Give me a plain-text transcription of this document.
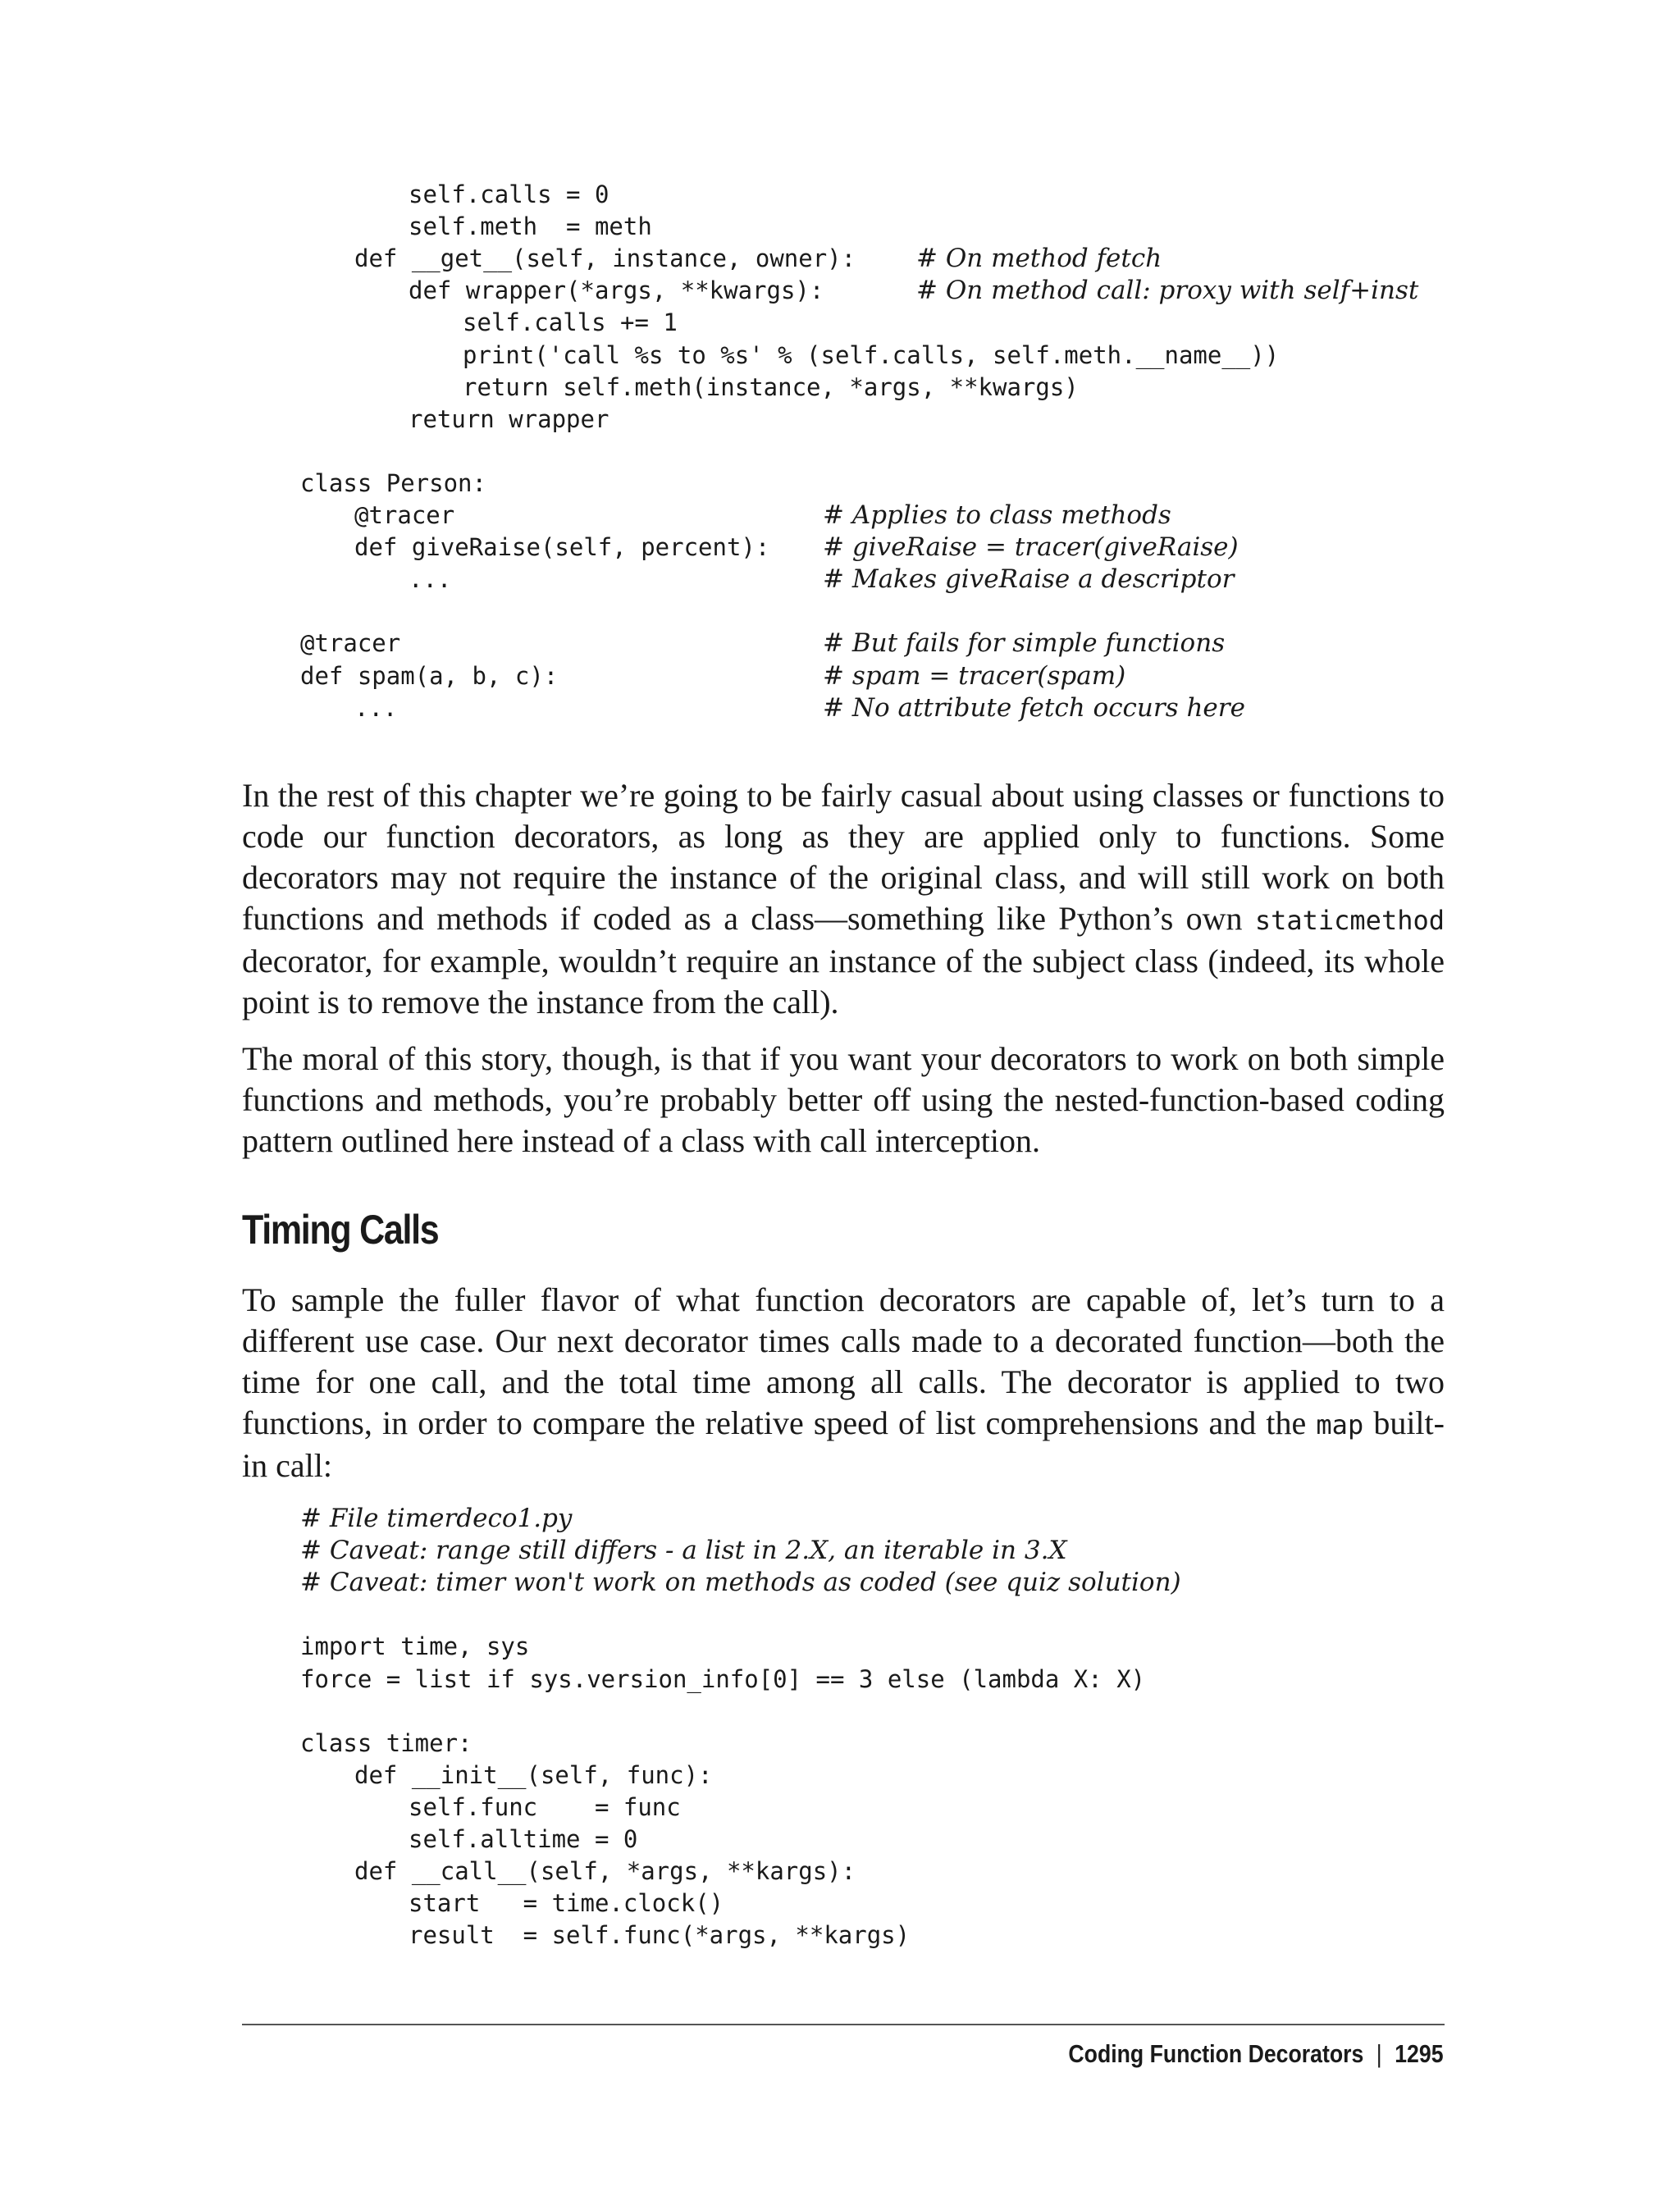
self.calls = 0
self.meth  = meth
def __get__(self, instance, owner): # On method fetch
def wrapper(*args, **kwargs):	# On method call: proxy with self+inst
self.calls += 1
print('call %s to %s' % (self.calls, self.meth.__name__))
return self.meth(instance, *args, **kwargs)
return wrapper
class Person:
@tracer	# Applies to class methods
def giveRaise(self, percent): # giveRaise = tracer(giveRaise)
...	# Makes giveRaise a descriptor
@tracer	# But fails for simple functions
def spam(a, b, c):	# spam = tracer(spam)
...	# No attribute fetch occurs here

In the rest of this chapter we’re going to be fairly casual about using classes or functions to code our function decorators, as long as they are applied only to functions. Some decorators may not require the instance of the original class, and will still work on both functions and methods if coded as a class—something like Python’s own staticmethod decorator, for example, wouldn’t require an instance of the subject class (indeed, its whole point is to remove the instance from the call).

The moral of this story, though, is that if you want your decorators to work on both simple functions and methods, you’re probably better off using the nested-function-based coding pattern outlined here instead of a class with call interception.

Timing Calls

To sample the fuller flavor of what function decorators are capable of, let’s turn to a different use case. Our next decorator times calls made to a decorated function—both the time for one call, and the total time among all calls. The decorator is applied to two functions, in order to compare the relative speed of list comprehensions and the map built-in call:

# File timerdeco1.py
# Caveat: range still differs - a list in 2.X, an iterable in 3.X
# Caveat: timer won't work on methods as coded (see quiz solution)
import time, sys
force = list if sys.version_info[0] == 3 else (lambda X: X)
class timer:
def __init__(self, func):
self.func    = func
self.alltime = 0
def __call__(self, *args, **kargs):
start   = time.clock()
result  = self.func(*args, **kargs)
Coding Function Decorators | 1295
